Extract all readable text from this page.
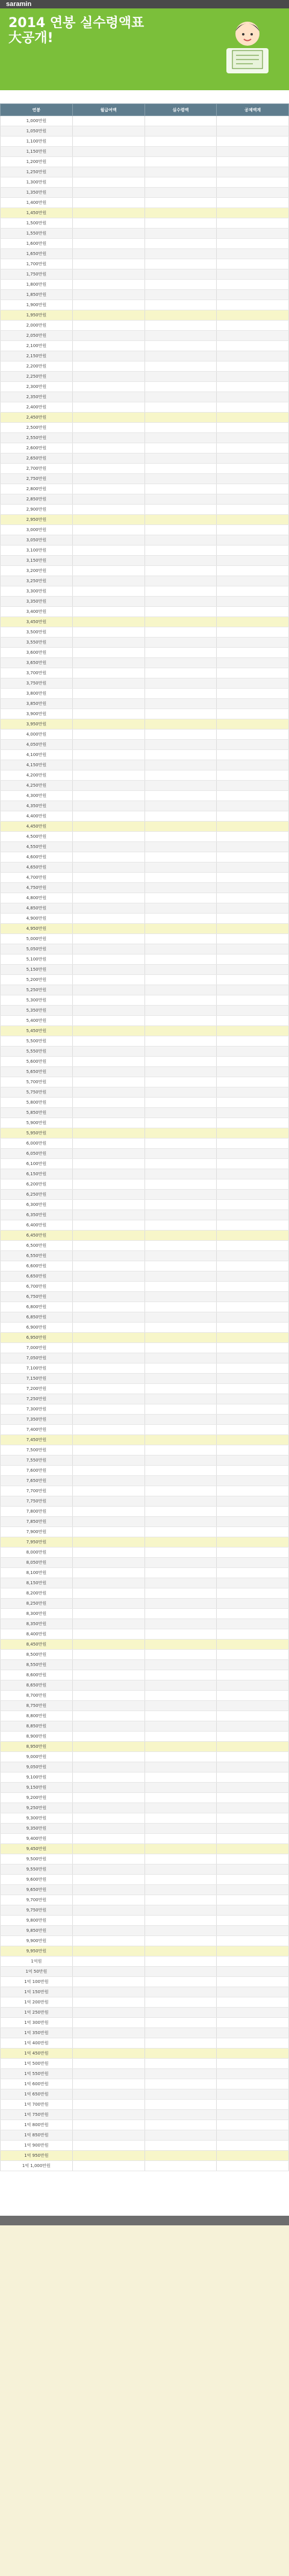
saramin
2014 연봉 실수령액표
大공개!
연봉	월급여액	실수령액	공제액계
1,000만원			
1,050만원			
1,100만원			
1,150만원			
1,200만원			
1,250만원			
1,300만원			
1,350만원			
1,400만원			
1,450만원			
1,500만원			
1,550만원			
1,600만원			
1,650만원			
1,700만원			
1,750만원			
1,800만원			
1,850만원			
1,900만원			
1,950만원			
2,000만원			
2,050만원			
2,100만원			
2,150만원			
2,200만원			
2,250만원			
2,300만원			
2,350만원			
2,400만원			
2,450만원			
2,500만원			
2,550만원			
2,600만원			
2,650만원			
2,700만원			
2,750만원			
2,800만원			
2,850만원			
2,900만원			
2,950만원			
3,000만원			
3,050만원			
3,100만원			
3,150만원			
3,200만원			
3,250만원			
3,300만원			
3,350만원			
3,400만원			
3,450만원			
3,500만원			
3,550만원			
3,600만원			
3,650만원			
3,700만원			
3,750만원			
3,800만원			
3,850만원			
3,900만원			
3,950만원			
4,000만원			
4,050만원			
4,100만원			
4,150만원			
4,200만원			
4,250만원			
4,300만원			
4,350만원			
4,400만원			
4,450만원			
4,500만원			
4,550만원			
4,600만원			
4,650만원			
4,700만원			
4,750만원			
4,800만원			
4,850만원			
4,900만원			
4,950만원			
5,000만원			
5,050만원			
5,100만원			
5,150만원			
5,200만원			
5,250만원			
5,300만원			
5,350만원			
5,400만원			
5,450만원			
5,500만원			
5,550만원			
5,600만원			
5,650만원			
5,700만원			
5,750만원			
5,800만원			
5,850만원			
5,900만원			
5,950만원			
6,000만원			
6,050만원			
6,100만원			
6,150만원			
6,200만원			
6,250만원			
6,300만원			
6,350만원			
6,400만원			
6,450만원			
6,500만원			
6,550만원			
6,600만원			
6,650만원			
6,700만원			
6,750만원			
6,800만원			
6,850만원			
6,900만원			
6,950만원			
7,000만원			
7,050만원			
7,100만원			
7,150만원			
7,200만원			
7,250만원			
7,300만원			
7,350만원			
7,400만원			
7,450만원			
7,500만원			
7,550만원			
7,600만원			
7,650만원			
7,700만원			
7,750만원			
7,800만원			
7,850만원			
7,900만원			
7,950만원			
8,000만원			
8,050만원			
8,100만원			
8,150만원			
8,200만원			
8,250만원			
8,300만원			
8,350만원			
8,400만원			
8,450만원			
8,500만원			
8,550만원			
8,600만원			
8,650만원			
8,700만원			
8,750만원			
8,800만원			
8,850만원			
8,900만원			
8,950만원			
9,000만원			
9,050만원			
9,100만원			
9,150만원			
9,200만원			
9,250만원			
9,300만원			
9,350만원			
9,400만원			
9,450만원			
9,500만원			
9,550만원			
9,600만원			
9,650만원			
9,700만원			
9,750만원			
9,800만원			
9,850만원			
9,900만원			
9,950만원			
1억원			
1억 50만원			
1억 100만원			
1억 150만원			
1억 200만원			
1억 250만원			
1억 300만원			
1억 350만원			
1억 400만원			
1억 450만원			
1억 500만원			
1억 550만원			
1억 600만원			
1억 650만원			
1억 700만원			
1억 750만원			
1억 800만원			
1억 850만원			
1억 900만원			
1억 950만원			
1억 1,000만원			
